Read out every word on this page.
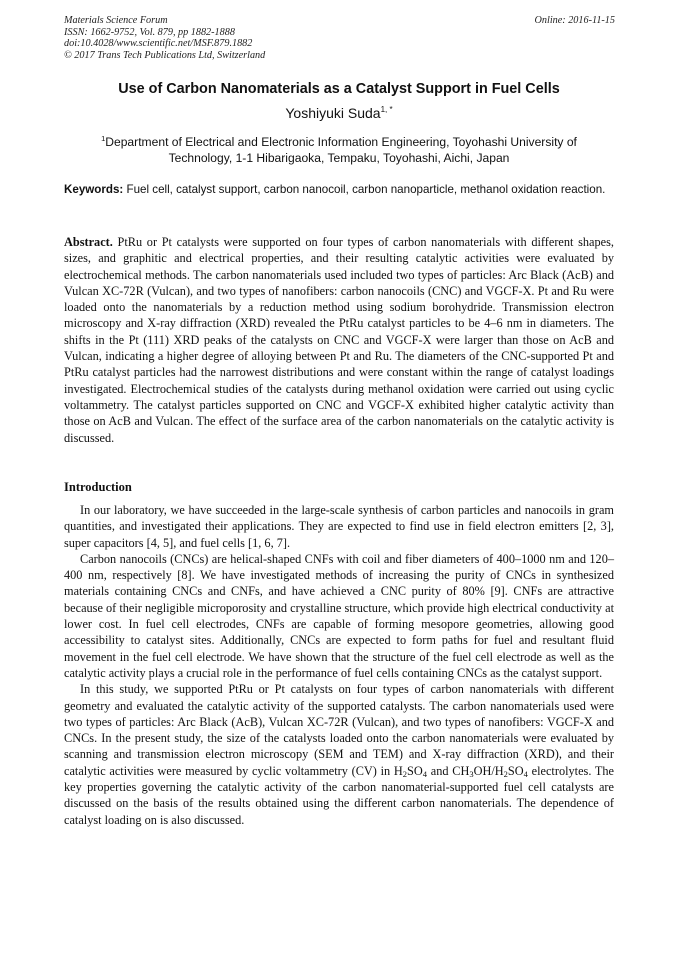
Materials Science Forum
ISSN: 1662-9752, Vol. 879, pp 1882-1888
doi:10.4028/www.scientific.net/MSF.879.1882
© 2017 Trans Tech Publications Ltd, Switzerland
Online: 2016-11-15
Use of Carbon Nanomaterials as a Catalyst Support in Fuel Cells
Yoshiyuki Suda$^{1, *}$
$^1$Department of Electrical and Electronic Information Engineering, Toyohashi University of Technology, 1-1 Hibarigaoka, Tempaku, Toyohashi, Aichi, Japan
Keywords: Fuel cell, catalyst support, carbon nanocoil, carbon nanoparticle, methanol oxidation reaction.
Abstract. PtRu or Pt catalysts were supported on four types of carbon nanomaterials with different shapes, sizes, and graphitic and electrical properties, and their resulting catalytic activities were evaluated by electrochemical methods. The carbon nanomaterials used included two types of particles: Arc Black (AcB) and Vulcan XC-72R (Vulcan), and two types of nanofibers: carbon nanocoils (CNC) and VGCF-X. Pt and Ru were loaded onto the nanomaterials by a reduction method using sodium borohydride. Transmission electron microscopy and X-ray diffraction (XRD) revealed the PtRu catalyst particles to be 4–6 nm in diameters. The shifts in the Pt (111) XRD peaks of the catalysts on CNC and VGCF-X were larger than those on AcB and Vulcan, indicating a higher degree of alloying between Pt and Ru. The diameters of the CNC-supported Pt and PtRu catalyst particles had the narrowest distributions and were constant within the range of catalyst loadings investigated. Electrochemical studies of the catalysts during methanol oxidation were carried out using cyclic voltammetry. The catalyst particles supported on CNC and VGCF-X exhibited higher catalytic activity than those on AcB and Vulcan. The effect of the surface area of the carbon nanomaterials on the catalytic activity is discussed.
Introduction

In our laboratory, we have succeeded in the large-scale synthesis of carbon particles and nanocoils in gram quantities, and investigated their applications. They are expected to find use in field electron emitters [2, 3], super capacitors [4, 5], and fuel cells [1, 6, 7].

Carbon nanocoils (CNCs) are helical-shaped CNFs with coil and fiber diameters of 400–1000 nm and 120–400 nm, respectively [8]. We have investigated methods of increasing the purity of CNCs in synthesized materials containing CNCs and CNFs, and have achieved a CNC purity of 80% [9]. CNFs are attractive because of their negligible microporosity and crystalline structure, which provide high electrical conductivity at lower cost. In fuel cell electrodes, CNFs are capable of forming mesopore geometries, allowing good accessibility to catalyst sites. Additionally, CNCs are expected to form paths for fuel and resultant fluid movement in the fuel cell electrode. We have shown that the structure of the fuel cell electrode as well as the catalytic activity plays a crucial role in the performance of fuel cells containing CNCs as the catalyst support.

In this study, we supported PtRu or Pt catalysts on four types of carbon nanomaterials with different geometry and evaluated the catalytic activity of the supported catalysts. The carbon nanomaterials used were two types of particles: Arc Black (AcB), Vulcan XC-72R (Vulcan), and two types of nanofibers: VGCF-X and CNCs. In the present study, the size of the catalysts loaded onto the carbon nanomaterials were evaluated by scanning and transmission electron microscopy (SEM and TEM) and X-ray diffraction (XRD), and their catalytic activities were measured by cyclic voltammetry (CV) in $H_2SO_4$ and $CH_3OH/H_2SO_4$ electrolytes. The key properties governing the catalytic activity of the carbon nanomaterial-supported fuel cell catalysts are discussed on the basis of the results obtained using the different carbon nanomaterials. The dependence of catalyst loading on is also discussed.
